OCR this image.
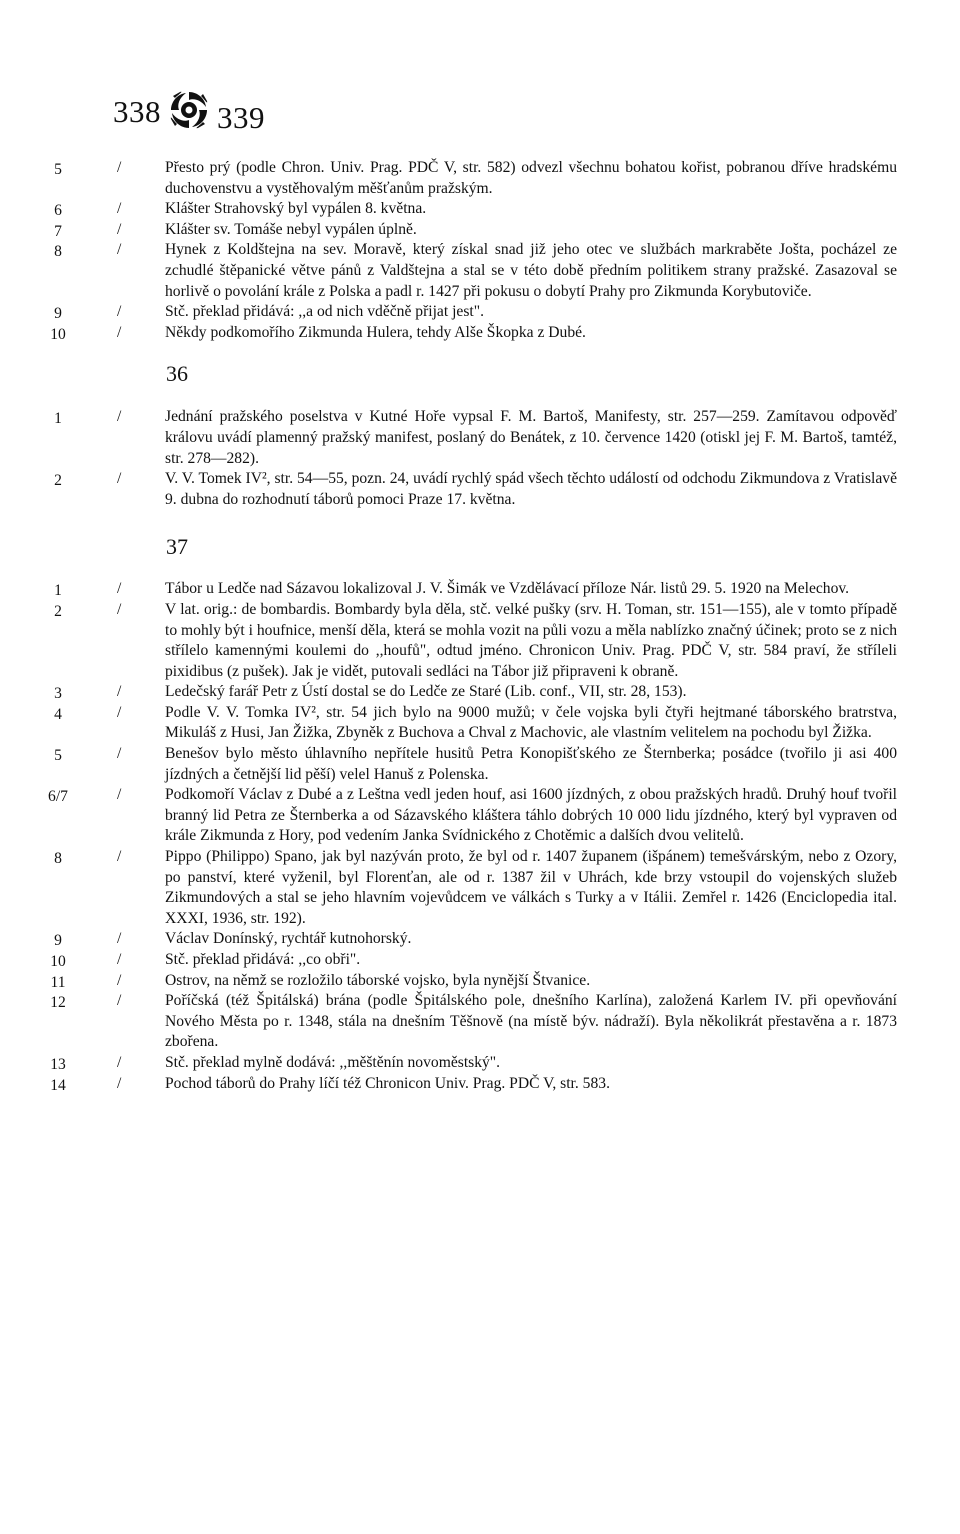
338 339
5	/	Přesto prý (podle Chron. Univ. Prag. PDČ V, str. 582) odvezl všechnu bohatou kořist, pobranou dříve hradskému duchovenstvu a vystěhovalým měšťanům pražským.
6	/	Klášter Strahovský byl vypálen 8. května.
7	/	Klášter sv. Tomáše nebyl vypálen úplně.
8	/	Hynek z Koldštejna na sev. Moravě, který získal snad již jeho otec ve službách markraběte Jošta, pocházel ze zchudlé štěpanické větve pánů z Valdštejna a stal se v této době předním politikem strany pražské. Zasazoval se horlivě o povolání krále z Polska a padl r. 1427 při pokusu o dobytí Prahy pro Zikmunda Korybutoviče.
9	/	Stč. překlad přidává: ,,a od nich vděčně přijat jest".
10	/	Někdy podkomořího Zikmunda Hulera, tehdy Alše Škopka z Dubé.
36
1	/	Jednání pražského poselstva v Kutné Hoře vypsal F. M. Bartoš, Manifesty, str. 257—259. Zamítavou odpověď královu uvádí plamenný pražský manifest, poslaný do Benátek, z 10. července 1420 (otiskl jej F. M. Bartoš, tamtéž, str. 278—282).
2	/	V. V. Tomek IV², str. 54—55, pozn. 24, uvádí rychlý spád všech těchto událostí od odchodu Zikmundova z Vratislavě 9. dubna do rozhodnutí táborů pomoci Praze 17. května.
37
1	/	Tábor u Ledče nad Sázavou lokalizoval J. V. Šimák ve Vzdělávací příloze Nár. listů 29. 5. 1920 na Melechov.
2	/	V lat. orig.: de bombardis. Bombardy byla děla, stč. velké pušky (srv. H. Toman, str. 151—155), ale v tomto případě to mohly být i houfnice, menší děla, která se mohla vozit na půli vozu a měla nablízko značný účinek; proto se z nich střílelo kamennými koulemi do ,,houfů", odtud jméno. Chronicon Univ. Prag. PDČ V, str. 584 praví, že stříleli pixidibus (z pušek). Jak je vidět, putovali sedláci na Tábor již připraveni k obraně.
3	/	Ledečský farář Petr z Ústí dostal se do Ledče ze Staré (Lib. conf., VII, str. 28, 153).
4	/	Podle V. V. Tomka IV², str. 54 jich bylo na 9000 mužů; v čele vojska byli čtyři hejtmané táborského bratrstva, Mikuláš z Husi, Jan Žižka, Zbyněk z Buchova a Chval z Machovic, ale vlastním velitelem na pochodu byl Žižka.
5	/	Benešov bylo město úhlavního nepřítele husitů Petra Konopišťského ze Šternberka; posádce (tvořilo ji asi 400 jízdných a četnější lid pěší) velel Hanuš z Polenska.
6/7	/	Podkomoří Václav z Dubé a z Leštna vedl jeden houf, asi 1600 jízdných, z obou pražských hradů. Druhý houf tvořil branný lid Petra ze Šternberka a od Sázavského kláštera táhlo dobrých 10 000 lidu jízdného, který byl vypraven od krále Zikmunda z Hory, pod vedením Janka Svídnického z Chotěmic a dalších dvou velitelů.
8	/	Pippo (Philippo) Spano, jak byl nazýván proto, že byl od r. 1407 županem (išpánem) temešvárským, nebo z Ozory, po panství, které vyženil, byl Florenťan, ale od r. 1387 žil v Uhrách, kde brzy vstoupil do vojenských služeb Zikmundových a stal se jeho hlavním vojevůdcem ve válkách s Turky a v Itálii. Zemřel r. 1426 (Enciclopedia ital. XXXI, 1936, str. 192).
9	/	Václav Donínský, rychtář kutnohorský.
10	/	Stč. překlad přidává: ,,co obři".
11	/	Ostrov, na němž se rozložilo táborské vojsko, byla nynější Štvanice.
12	/	Poříčská (též Špitálská) brána (podle Špitálského pole, dnešního Karlína), založená Karlem IV. při opevňování Nového Města po r. 1348, stála na dnešním Těšnově (na místě býv. nádraží). Byla několikrát přestavěna a r. 1873 zbořena.
13	/	Stč. překlad mylně dodává: ,,měštěnín novoměstský".
14	/	Pochod táborů do Prahy líčí též Chronicon Univ. Prag. PDČ V, str. 583.
